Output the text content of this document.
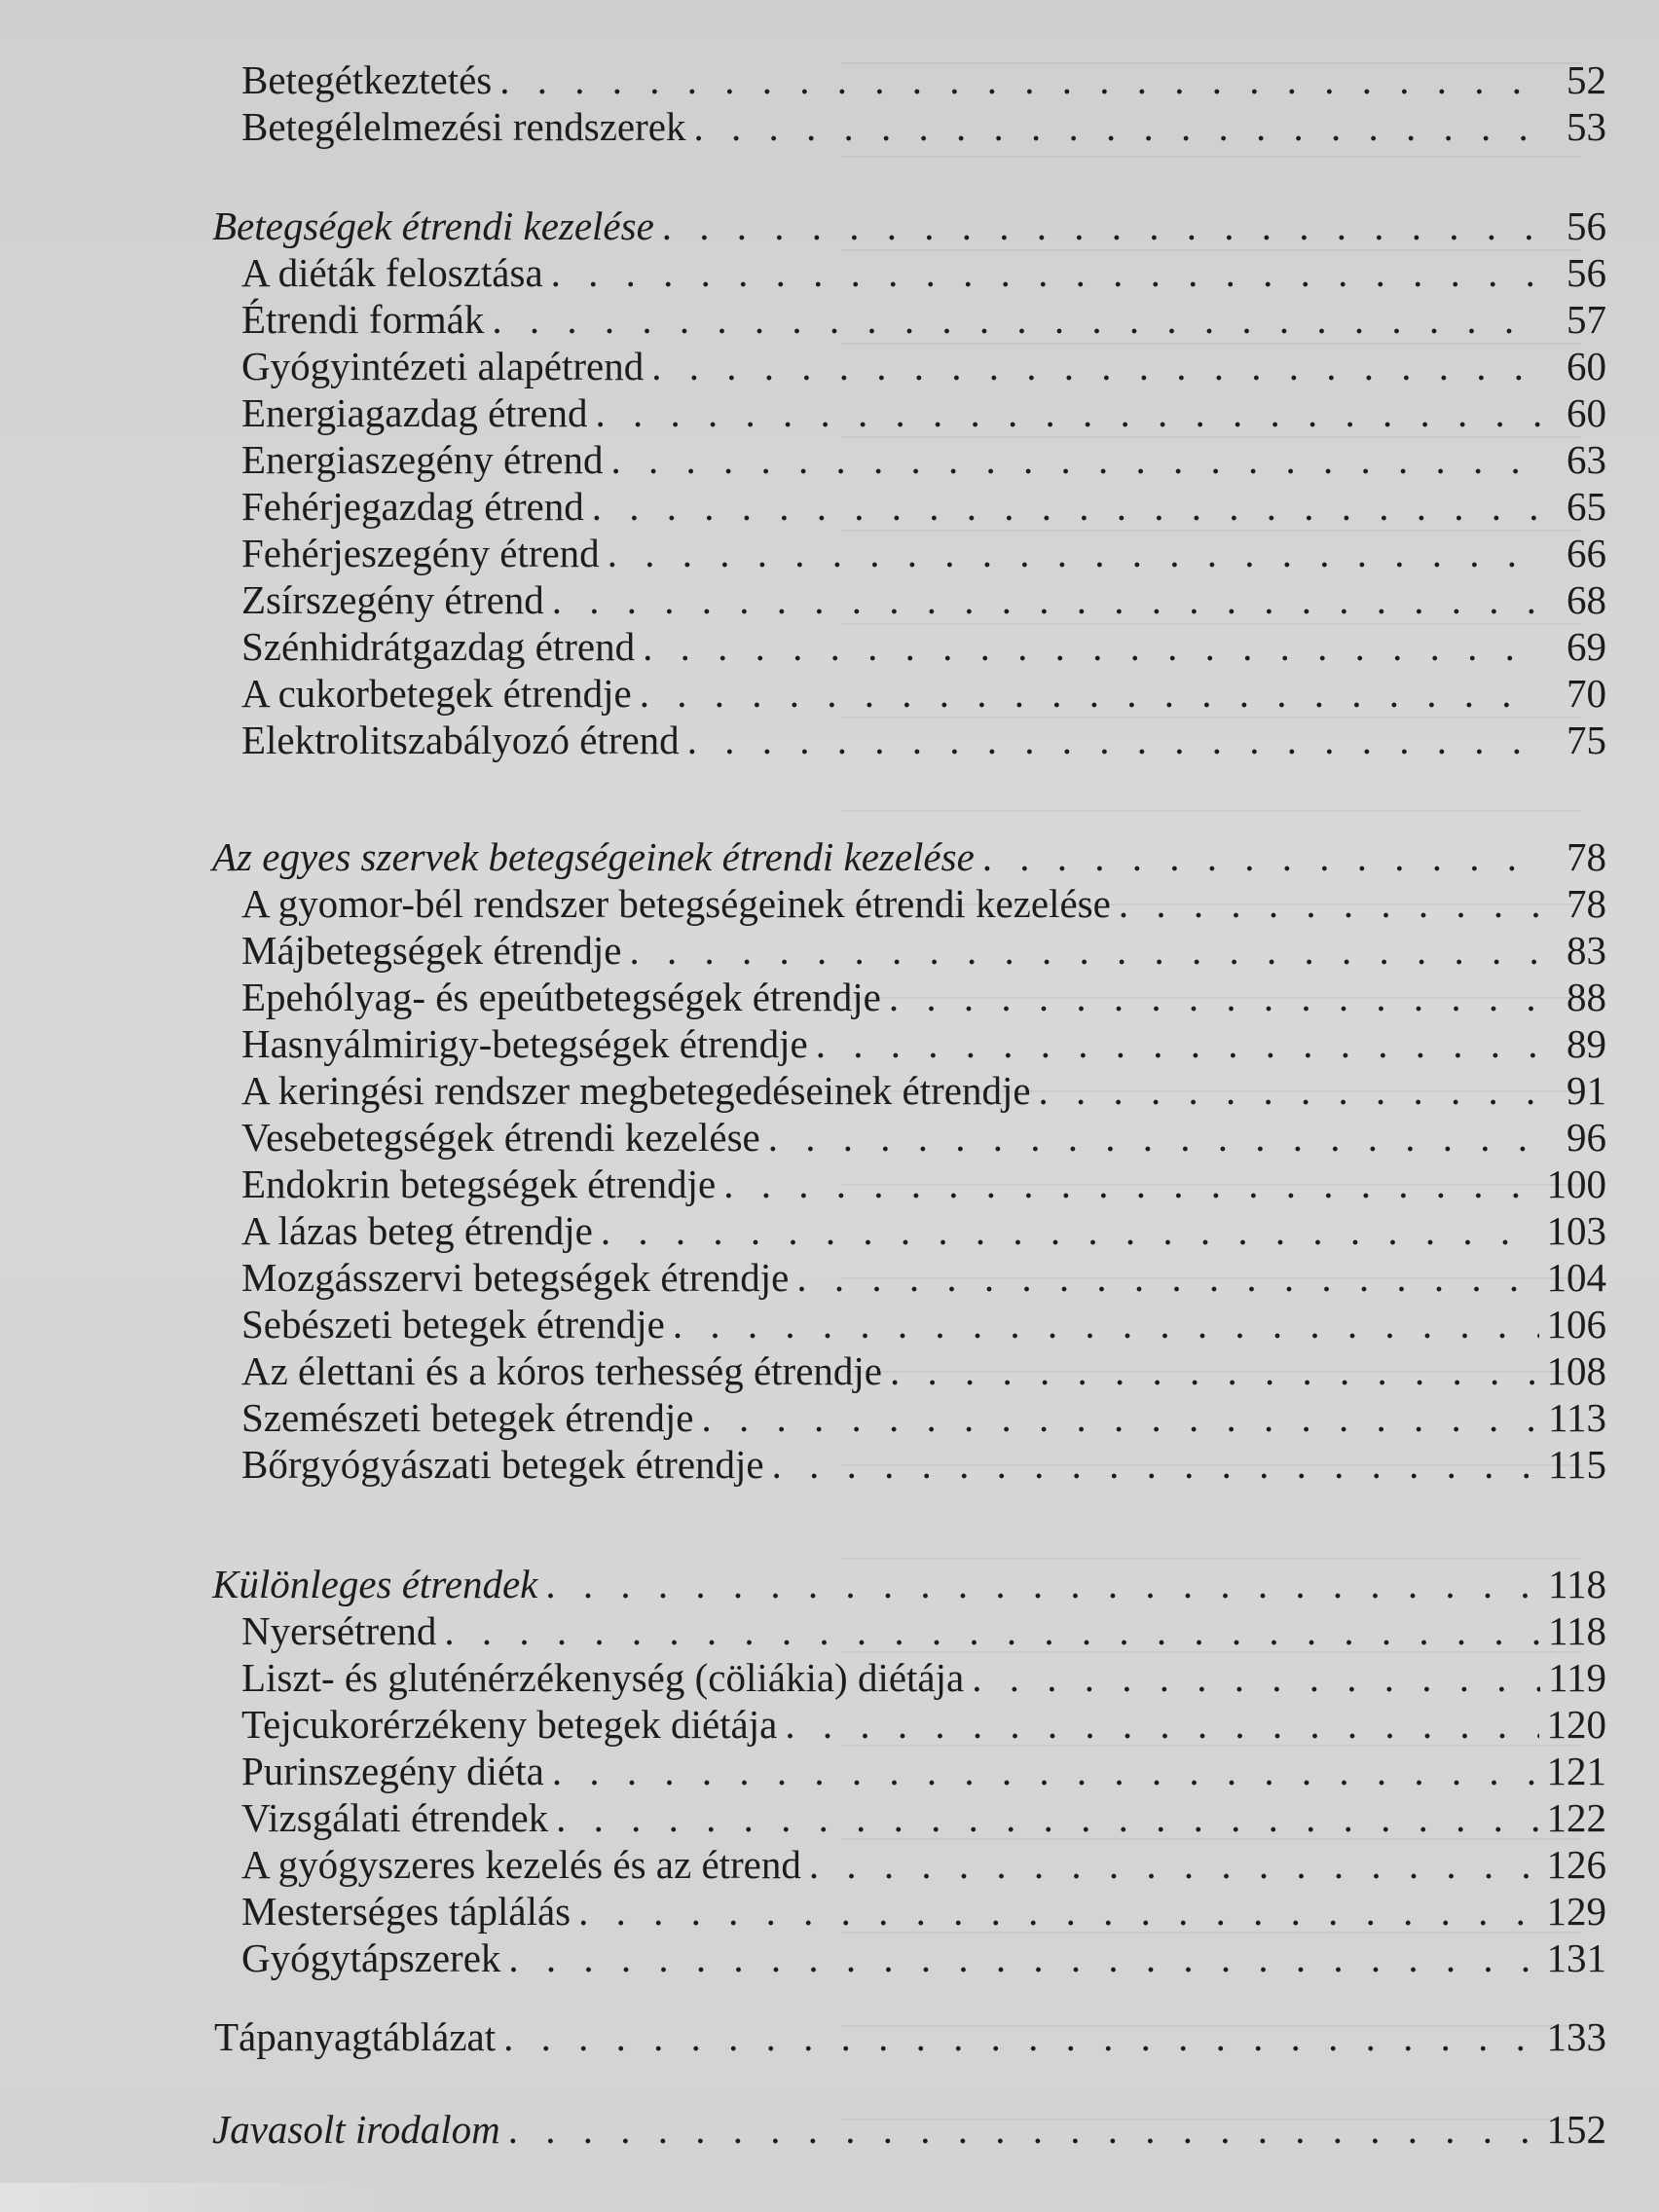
Betegétkeztetés . . .	52
Betegélelmezési rendszerek . . .	53
Betegségek étrendi kezelése . . .	56
A diéták felosztása . . .	56
Étrendi formák . . .	57
Gyógyintézeti alapétrend . . .	60
Energiagazdag étrend . . .	60
Energiaszegény étrend . . .	63
Fehérjegazdag étrend . . .	65
Fehérjeszegény étrend . . .	66
Zsírszegény étrend . . .	68
Szénhidrátgazdag étrend . . .	69
A cukorbetegek étrendje . . .	70
Elektrolitszabályozó étrend . . .	75
Az egyes szervek betegségeinek étrendi kezelése . . .	78
A gyomor-bél rendszer betegségeinek étrendi kezelése . . .	78
Májbetegségek étrendje . . .	83
Epehólyag- és epeútbetegségek étrendje . . .	88
Hasnyálmirigy-betegségek étrendje . . .	89
A keringési rendszer megbetegedéseinek étrendje . . .	91
Vesebetegségek étrendi kezelése . . .	96
Endokrin betegségek étrendje . . .	100
A lázas beteg étrendje . . .	103
Mozgásszervi betegségek étrendje . . .	104
Sebészeti betegek étrendje . . .	106
Az élettani és a kóros terhesség étrendje . . .	108
Szemészeti betegek étrendje . . .	113
Bőrgyógyászati betegek étrendje . . .	115
Különleges étrendek . . .	118
Nyersétrend . . .	118
Liszt- és gluténérzékenység (cöliákia) diétája . . .	119
Tejcukorérzékeny betegek diétája . . .	120
Purinszegény diéta . . .	121
Vizsgálati étrendek . . .	122
A gyógyszeres kezelés és az étrend . . .	126
Mesterséges táplálás . . .	129
Gyógytápszerek . . .	131
Tápanyagtáblázat . . .	133
Javasolt irodalom . . .	152
